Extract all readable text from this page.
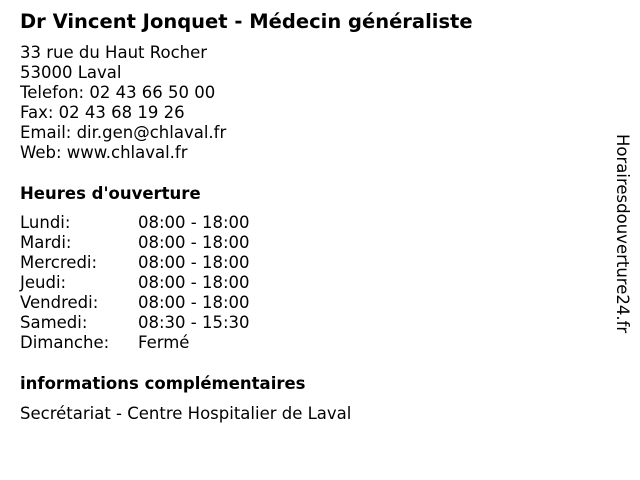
Dr Vincent Jonquet - Médecin généraliste
33 rue du Haut Rocher
53000 Laval
Telefon: 02 43 66 50 00
Fax: 02 43 68 19 26
Email: dir.gen@chlaval.fr
Web: www.chlaval.fr
Heures d'ouverture
Lundi:	08:00 - 18:00
Mardi:	08:00 - 18:00
Mercredi: 08:00 - 18:00
Jeudi:	08:00 - 18:00
Vendredi: 08:00 - 18:00
Samedi:	08:30 - 15:30
Dimanche: Fermé
informations complémentaires
Secrétariat - Centre Hospitalier de Laval
Horairesdouverture24.fr
